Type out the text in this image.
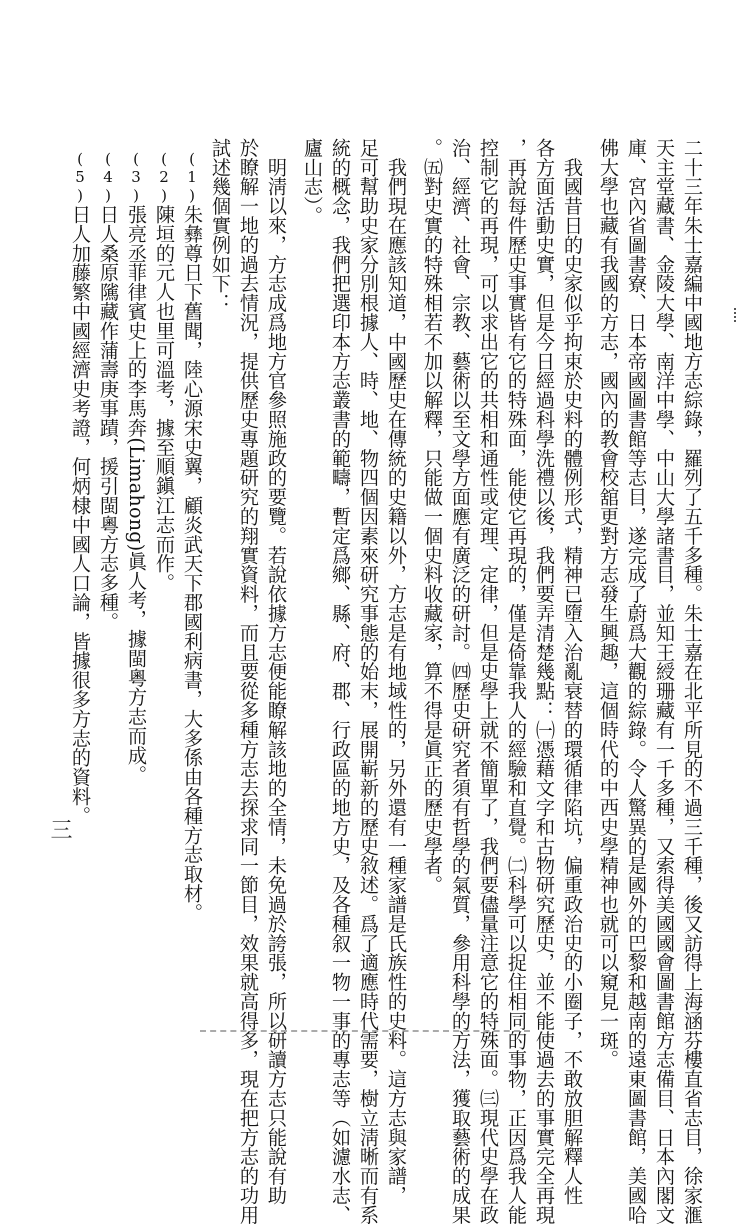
二十三年朱士嘉編中國地方志綜錄，羅列了五千多種。朱士嘉在北平所見的不過三千種，後又訪得上海涵芬樓直省志目，徐家滙
天主堂藏書、金陵大學、南洋中學、中山大學諸書目，並知王綬珊藏有一千多種，又索得美國國會圖書館方志備目、日本內閣文
庫、宮內省圖書寮、日本帝國圖書館等志目，遂完成了蔚爲大觀的綜錄。令人驚異的是國外的巴黎和越南的遠東圖書館，美國哈
佛大學也藏有我國的方志，國內的教會校舘更對方志發生興趣，這個時代的中西史學精神也就可以窺見一斑。
　我國昔日的史家似乎拘束於史料的體例形式，精神已墮入治亂衰替的環循律陷坑，偏重政治史的小圈子，不敢放胆解釋人性
各方面活動史實，但是今日經過科學洗禮以後，我們要弄清楚幾點：㈠憑藉文字和古物研究歷史，並不能使過去的事實完全再現
，再說每件歷史事實皆有它的特殊面，能使它再現的，僅是倚靠我人的經驗和直覺。㈡科學可以捉住相同的事物，正因爲我人能
控制它的再現，可以求出它的共相和通性或定理、定律，但是史學上就不簡單了，我們要儘量注意它的特殊面。㈢現代史學在政
治、經濟、社會、宗教、藝術以至文學方面應有廣泛的研討。㈣歷史研究者須有哲學的氣質，參用科學的方法，獲取藝術的成果
。㈤對史實的特殊相若不加以解釋，只能做一個史料收藏家，算不得是眞正的歷史學者。
　我們現在應該知道，中國歷史在傳統的史籍以外，方志是有地域性的，另外還有一種家譜是氏族性的史料。這方志與家譜，
足可幫助史家分別根據人、時、地、物四個因素來研究事態的始末，展開嶄新的歷史敘述。爲了適應時代需要，樹立淸晰而有系
統的概念，我們把選印本方志叢書的範疇，暫定爲鄉、縣、府、郡、行政區的地方史，及各種叙一物一事的專志等（如濾水志、
廬山志）。
　明淸以來，方志成爲地方官參照施政的要覽。若說依據方志便能瞭解該地的全情，未免過於誇張，所以研讀方志只能說有助
於瞭解一地的過去情況，提供歷史專題研究的翔實資料，而且要從多種方志去探求同一節目，效果就高得多，現在把方志的功用
試述幾個實例如下：
(1)朱彝尊日下舊聞，陸心源宋史翼，顧炎武天下郡國利病書，大多係由各種方志取材。
(2)陳垣的元人也里可溫考，據至順鎭江志而作。
(3)張亮丞菲律賓史上的李馬奔(Limahong)眞人考，據閩粵方志而成。
(4)日人桑原隲藏作蒲壽庚事蹟，援引閩粵方志多種。
(5)日人加藤繁中國經濟史考證，何炳棣中國人口論，皆據很多方志的資料。
三
